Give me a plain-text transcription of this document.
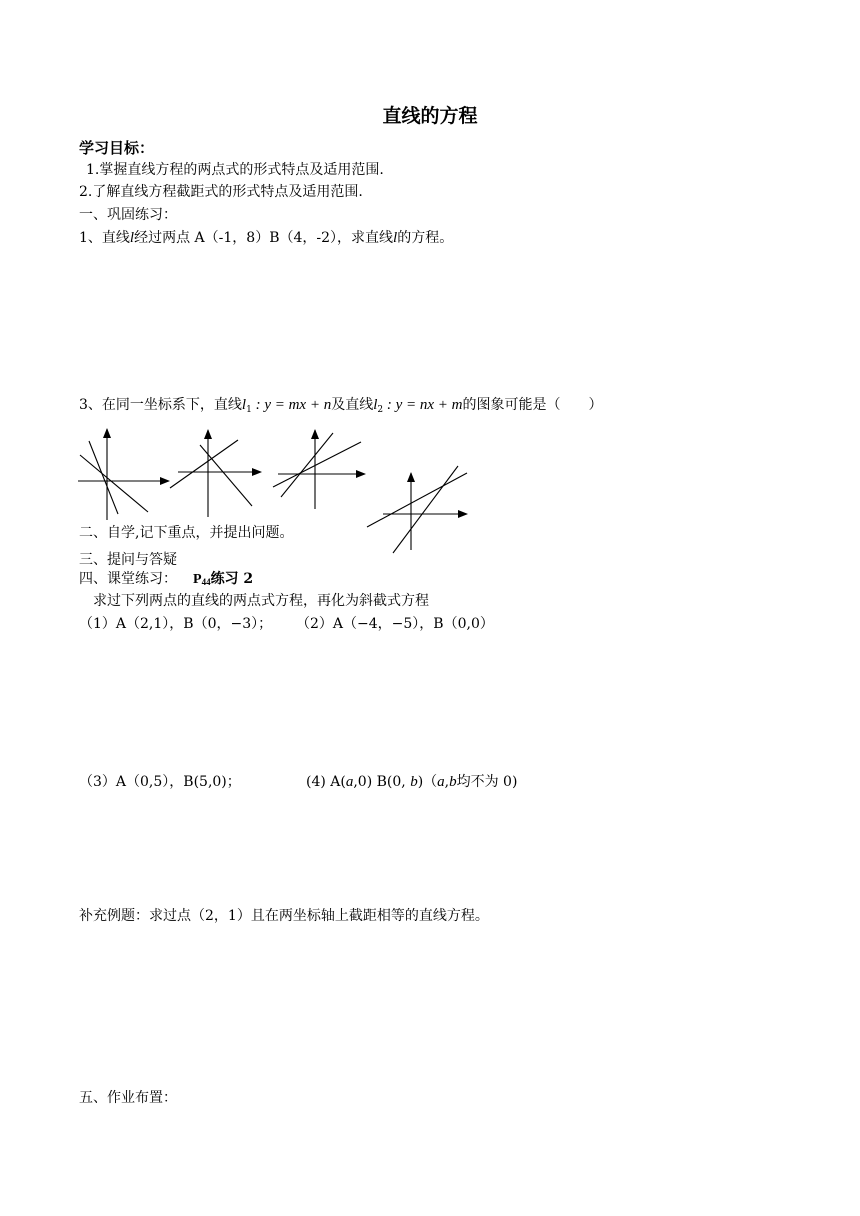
直线的方程
学习目标：
1.掌握直线方程的两点式的形式特点及适用范围.
2.了解直线方程截距式的形式特点及适用范围.
一、巩固练习：
1、直线l经过两点 A（-1，8）B（4，-2），求直线l的方程。
3、在同一坐标系下，直线$l_1$ : y = mx + n及直线$l_2$ : y = nx + m的图象可能是（　　）
二、自学,记下重点，并提出问题。
三、提问与答疑
四、课堂练习： P44练习 2
求过下列两点的直线的两点式方程，再化为斜截式方程
（1）A（2,1），B（0，−3）； （2）A（−4，−5），B（0,0）
（3）A（0,5），B(5,0)；	(4) A(a,0) B(0, b)（a,b均不为 0)
补充例题：求过点（2，1）且在两坐标轴上截距相等的直线方程。
五、作业布置：
